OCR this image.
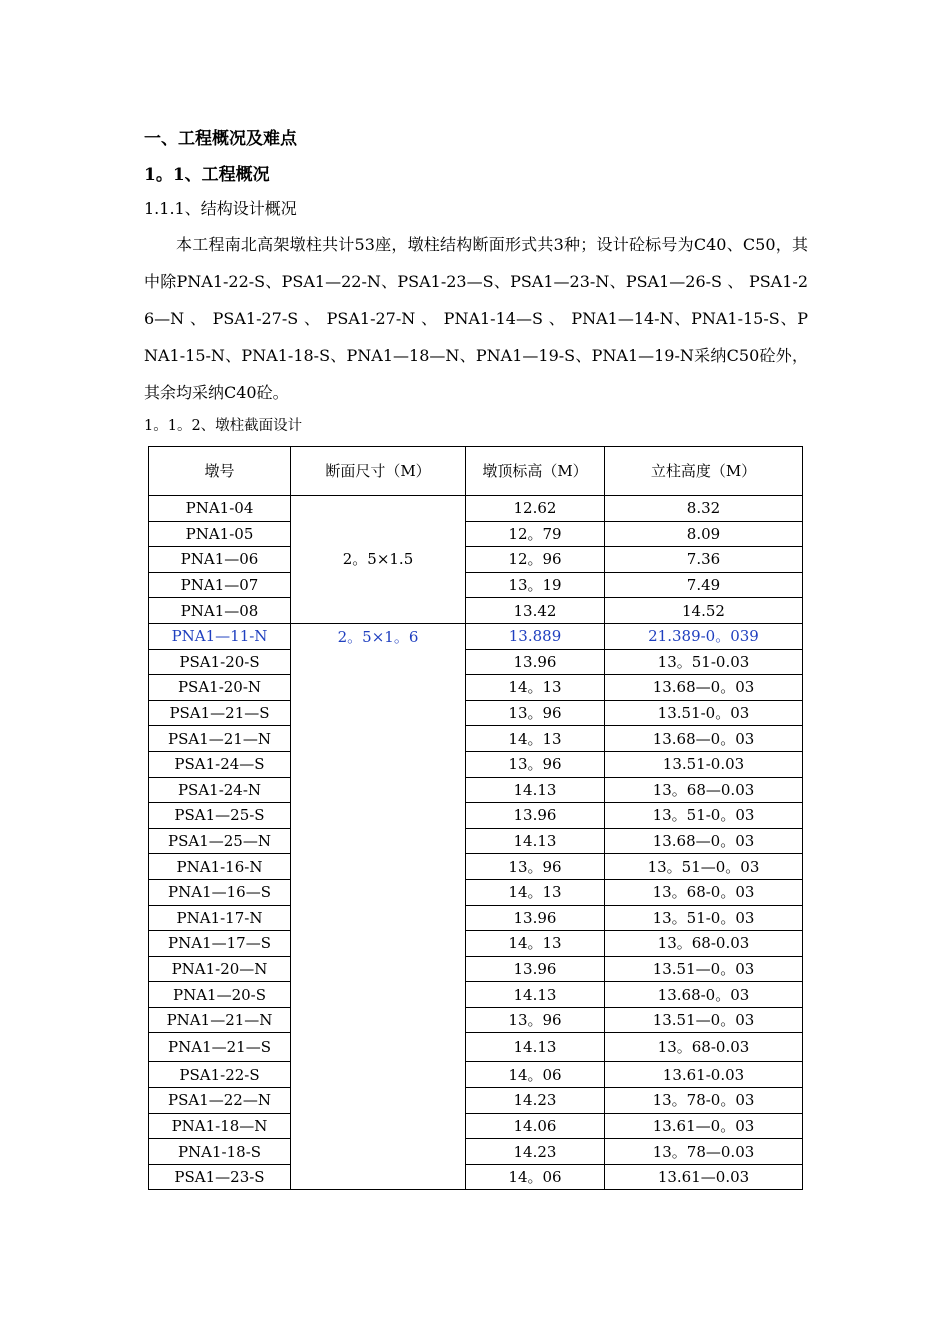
一、工程概况及难点
1。1、工程概况
1.1.1、结构设计概况
本工程南北高架墩柱共计53座，墩柱结构断面形式共3种；设计砼标号为C40、C50，其中除PNA1-22-S、PSA1—22-N、PSA1-23—S、PSA1—23-N、PSA1—26-S 、 PSA1-26—N 、 PSA1-27-S 、 PSA1-27-N 、 PNA1-14—S 、 PNA1—14-N、PNA1-15-S、PNA1-15-N、PNA1-18-S、PNA1—18—N、PNA1—19-S、PNA1—19-N采纳C50砼外，其余均采纳C40砼。
1。1。2、墩柱截面设计
墩号	断面尺寸（M）	墩顶标高（M）	立柱高度（M）
PNA1-04	2。5×1.5	12.62	8.32
PNA1-05		12。79	8.09
PNA1—06		12。96	7.36
PNA1—07		13。19	7.49
PNA1—08		13.42	14.52
PNA1—11-N	2。5×1。6	13.889	21.389-0。039
PSA1-20-S		13.96	13。51-0.03
PSA1-20-N		14。13	13.68—0。03
PSA1—21—S		13。96	13.51-0。03
PSA1—21—N		14。13	13.68—0。03
PSA1-24—S		13。96	13.51-0.03
PSA1-24-N		14.13	13。68—0.03
PSA1—25-S		13.96	13。51-0。03
PSA1—25—N		14.13	13.68—0。03
PNA1-16-N		13。96	13。51—0。03
PNA1—16—S		14。13	13。68-0。03
PNA1-17-N		13.96	13。51-0。03
PNA1—17—S		14。13	13。68-0.03
PNA1-20—N		13.96	13.51—0。03
PNA1—20-S		14.13	13.68-0。03
PNA1—21—N		13。96	13.51—0。03
PNA1—21—S		14.13	13。68-0.03
PSA1-22-S		14。06	13.61-0.03
PSA1—22—N		14.23	13。78-0。03
PNA1-18—N		14.06	13.61—0。03
PNA1-18-S		14.23	13。78—0.03
PSA1—23-S		14。06	13.61—0.03
